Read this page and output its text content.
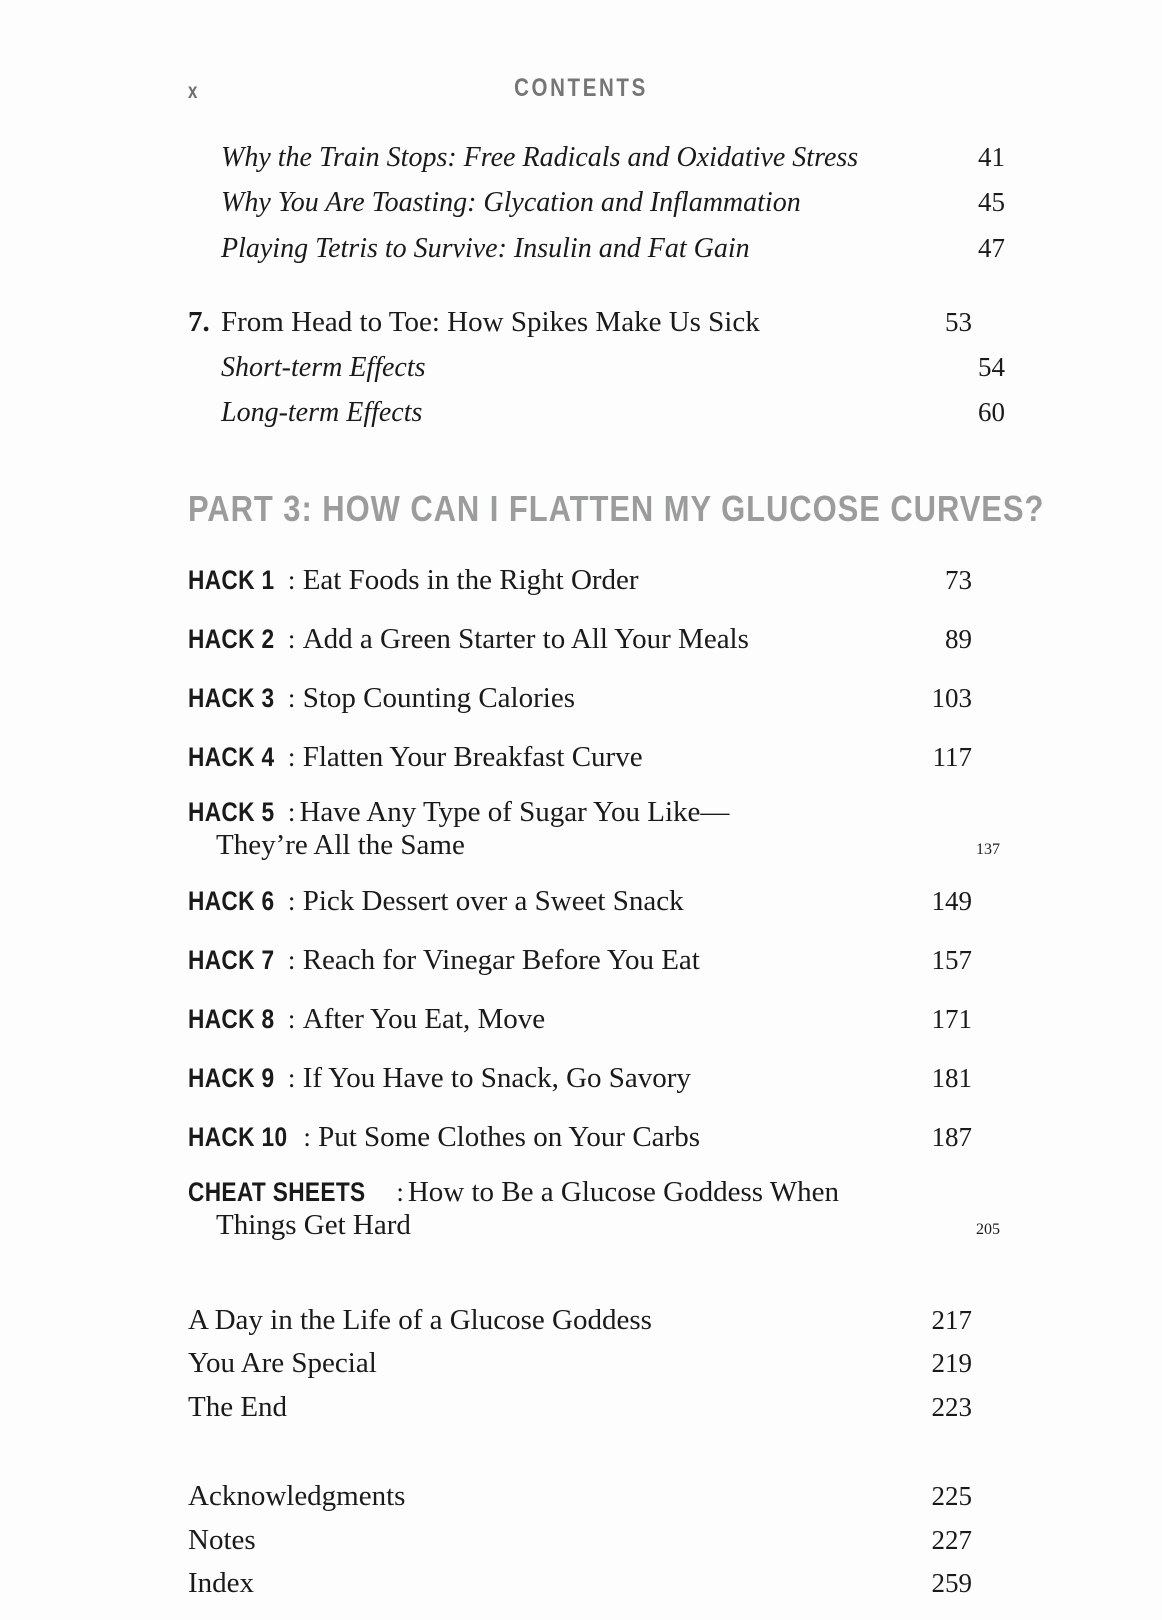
x	CONTENTS
Why the Train Stops: Free Radicals and Oxidative Stress	41
Why You Are Toasting: Glycation and Inflammation	45
Playing Tetris to Survive: Insulin and Fat Gain	47
7. From Head to Toe: How Spikes Make Us Sick	53
Short-term Effects	54
Long-term Effects	60
PART 3: HOW CAN I FLATTEN MY GLUCOSE CURVES?
HACK 1 : Eat Foods in the Right Order	73
HACK 2 : Add a Green Starter to All Your Meals	89
HACK 3 : Stop Counting Calories	103
HACK 4 : Flatten Your Breakfast Curve	117
HACK 5 : Have Any Type of Sugar You Like—
They’re All the Same	137
HACK 6 : Pick Dessert over a Sweet Snack	149
HACK 7 : Reach for Vinegar Before You Eat	157
HACK 8 : After You Eat, Move	171
HACK 9 : If You Have to Snack, Go Savory	181
HACK 10 : Put Some Clothes on Your Carbs	187
CHEAT SHEETS : How to Be a Glucose Goddess When
Things Get Hard	205
A Day in the Life of a Glucose Goddess	217
You Are Special	219
The End	223
Acknowledgments	225
Notes	227
Index	259
